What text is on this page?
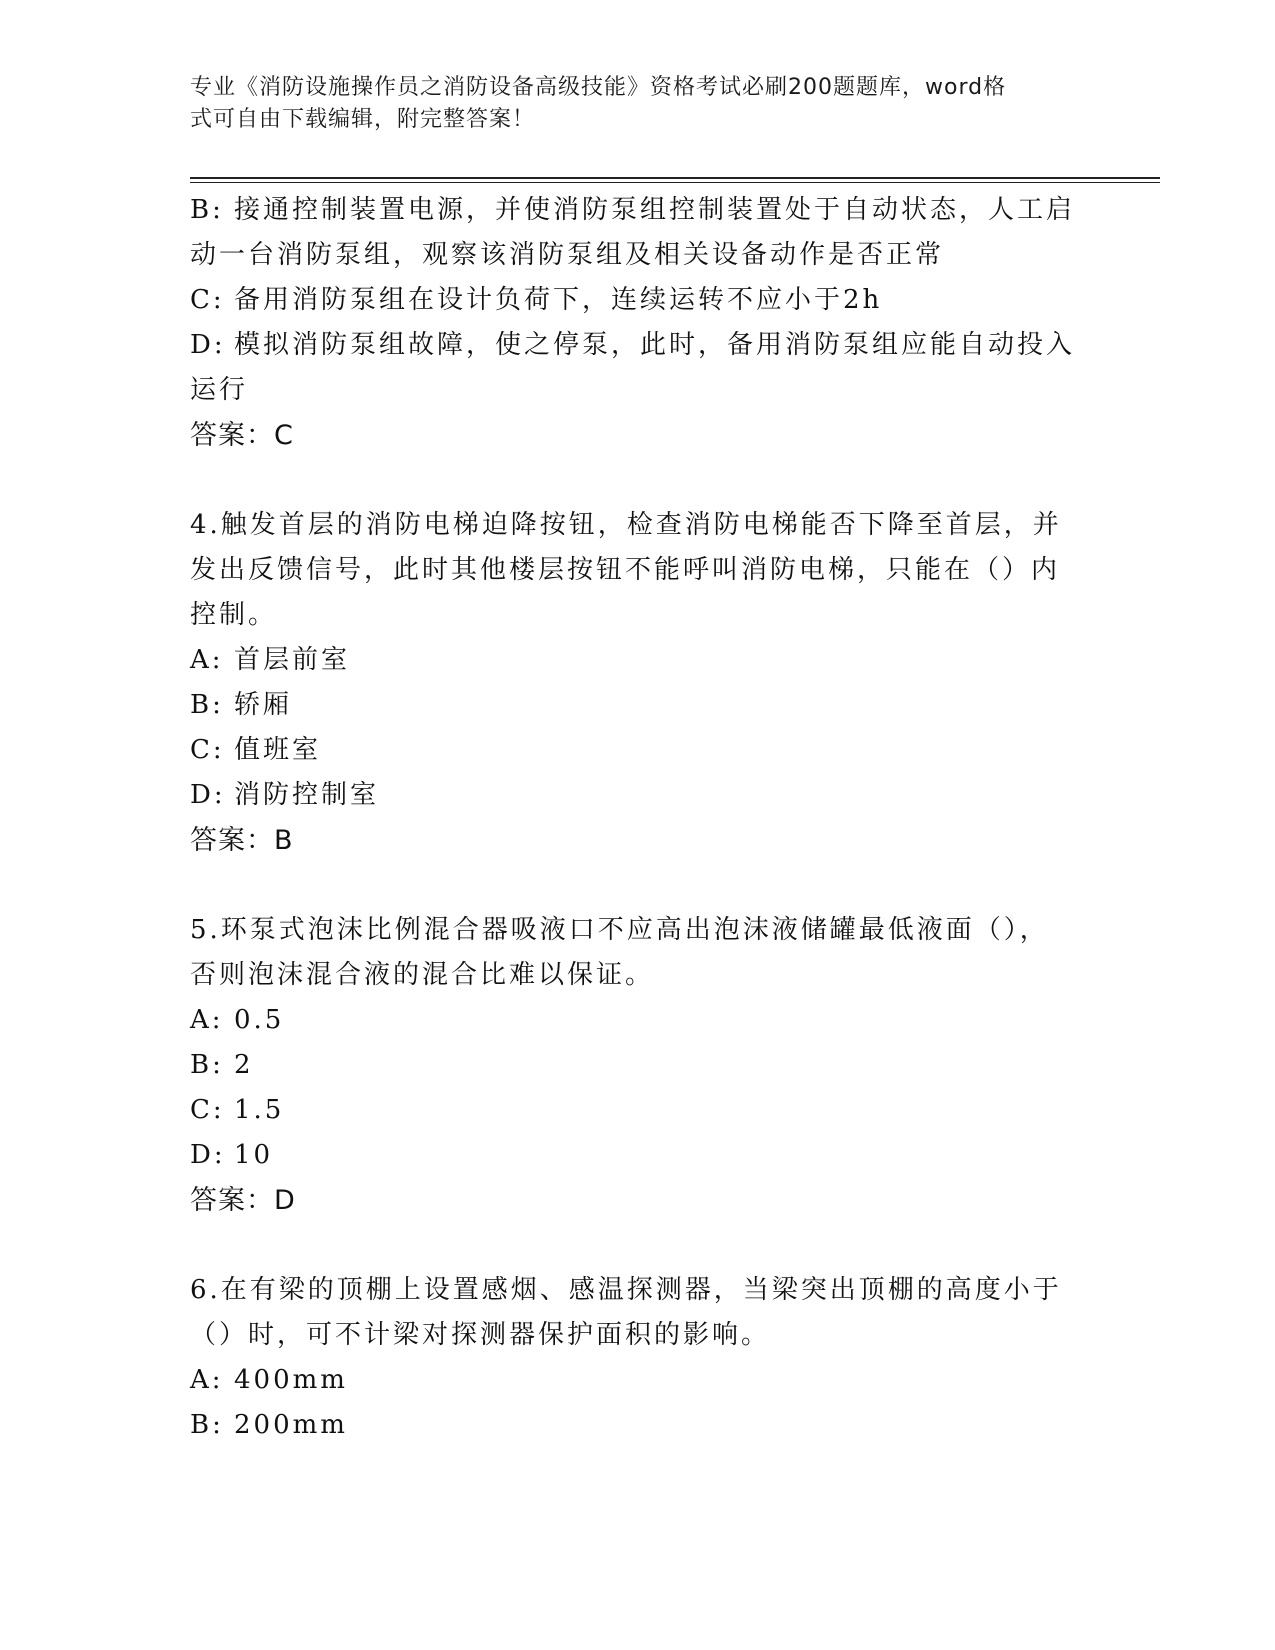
专业《消防设施操作员之消防设备高级技能》资格考试必刷200题题库，word格
式可自由下载编辑，附完整答案！
B: 接通控制装置电源，并使消防泵组控制装置处于自动状态，人工启
动一台消防泵组，观察该消防泵组及相关设备动作是否正常
C: 备用消防泵组在设计负荷下，连续运转不应小于2h
D: 模拟消防泵组故障，使之停泵，此时，备用消防泵组应能自动投入
运行
答案：C
4.触发首层的消防电梯迫降按钮，检查消防电梯能否下降至首层，并
发出反馈信号，此时其他楼层按钮不能呼叫消防电梯，只能在（）内
控制。
A: 首层前室
B: 轿厢
C: 值班室
D: 消防控制室
答案：B
5.环泵式泡沫比例混合器吸液口不应高出泡沫液储罐最低液面（），
否则泡沫混合液的混合比难以保证。
A: 0.5
B: 2
C: 1.5
D: 10
答案：D
6.在有梁的顶棚上设置感烟、感温探测器，当梁突出顶棚的高度小于
（）时，可不计梁对探测器保护面积的影响。
A: 400mm
B: 200mm
